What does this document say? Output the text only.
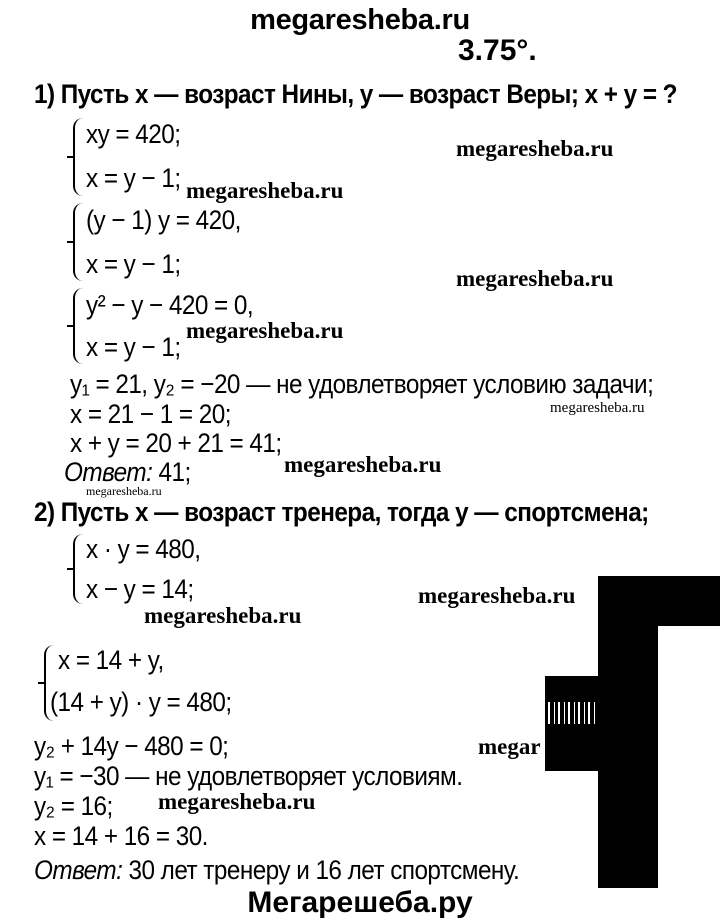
megaresheba.ru
3.75°.
1) Пусть x — возраст Нины, y — возраст Веры; x + y = ?
xy = 420;
x = y − 1;
(y − 1) y = 420,
x = y − 1;
y² − y − 420 = 0,
x = y − 1;
y₁ = 21, y₂ = −20 — не удовлетворяет условию задачи;
x = 21 − 1 = 20;
x + y = 20 + 21 = 41;
Ответ: 41;
2) Пусть x — возраст тренера, тогда y — спортсмена;
x · y = 480,
x − y = 14;
x = 14 + y,
(14 + y) · y = 480;
y₂ + 14y − 480 = 0;
y₁ = −30 — не удовлетворяет условиям.
y₂ = 16;
x = 14 + 16 = 30.
Ответ: 30 лет тренеру и 16 лет спортсмену.
megaresheba.ru
megaresheba.ru
megaresheba.ru
megaresheba.ru
megaresheba.ru
megaresheba.ru
megaresheba.ru
megaresheba.ru
megaresheba.ru
megar
megaresheba.ru
Мегарешеба.ру
